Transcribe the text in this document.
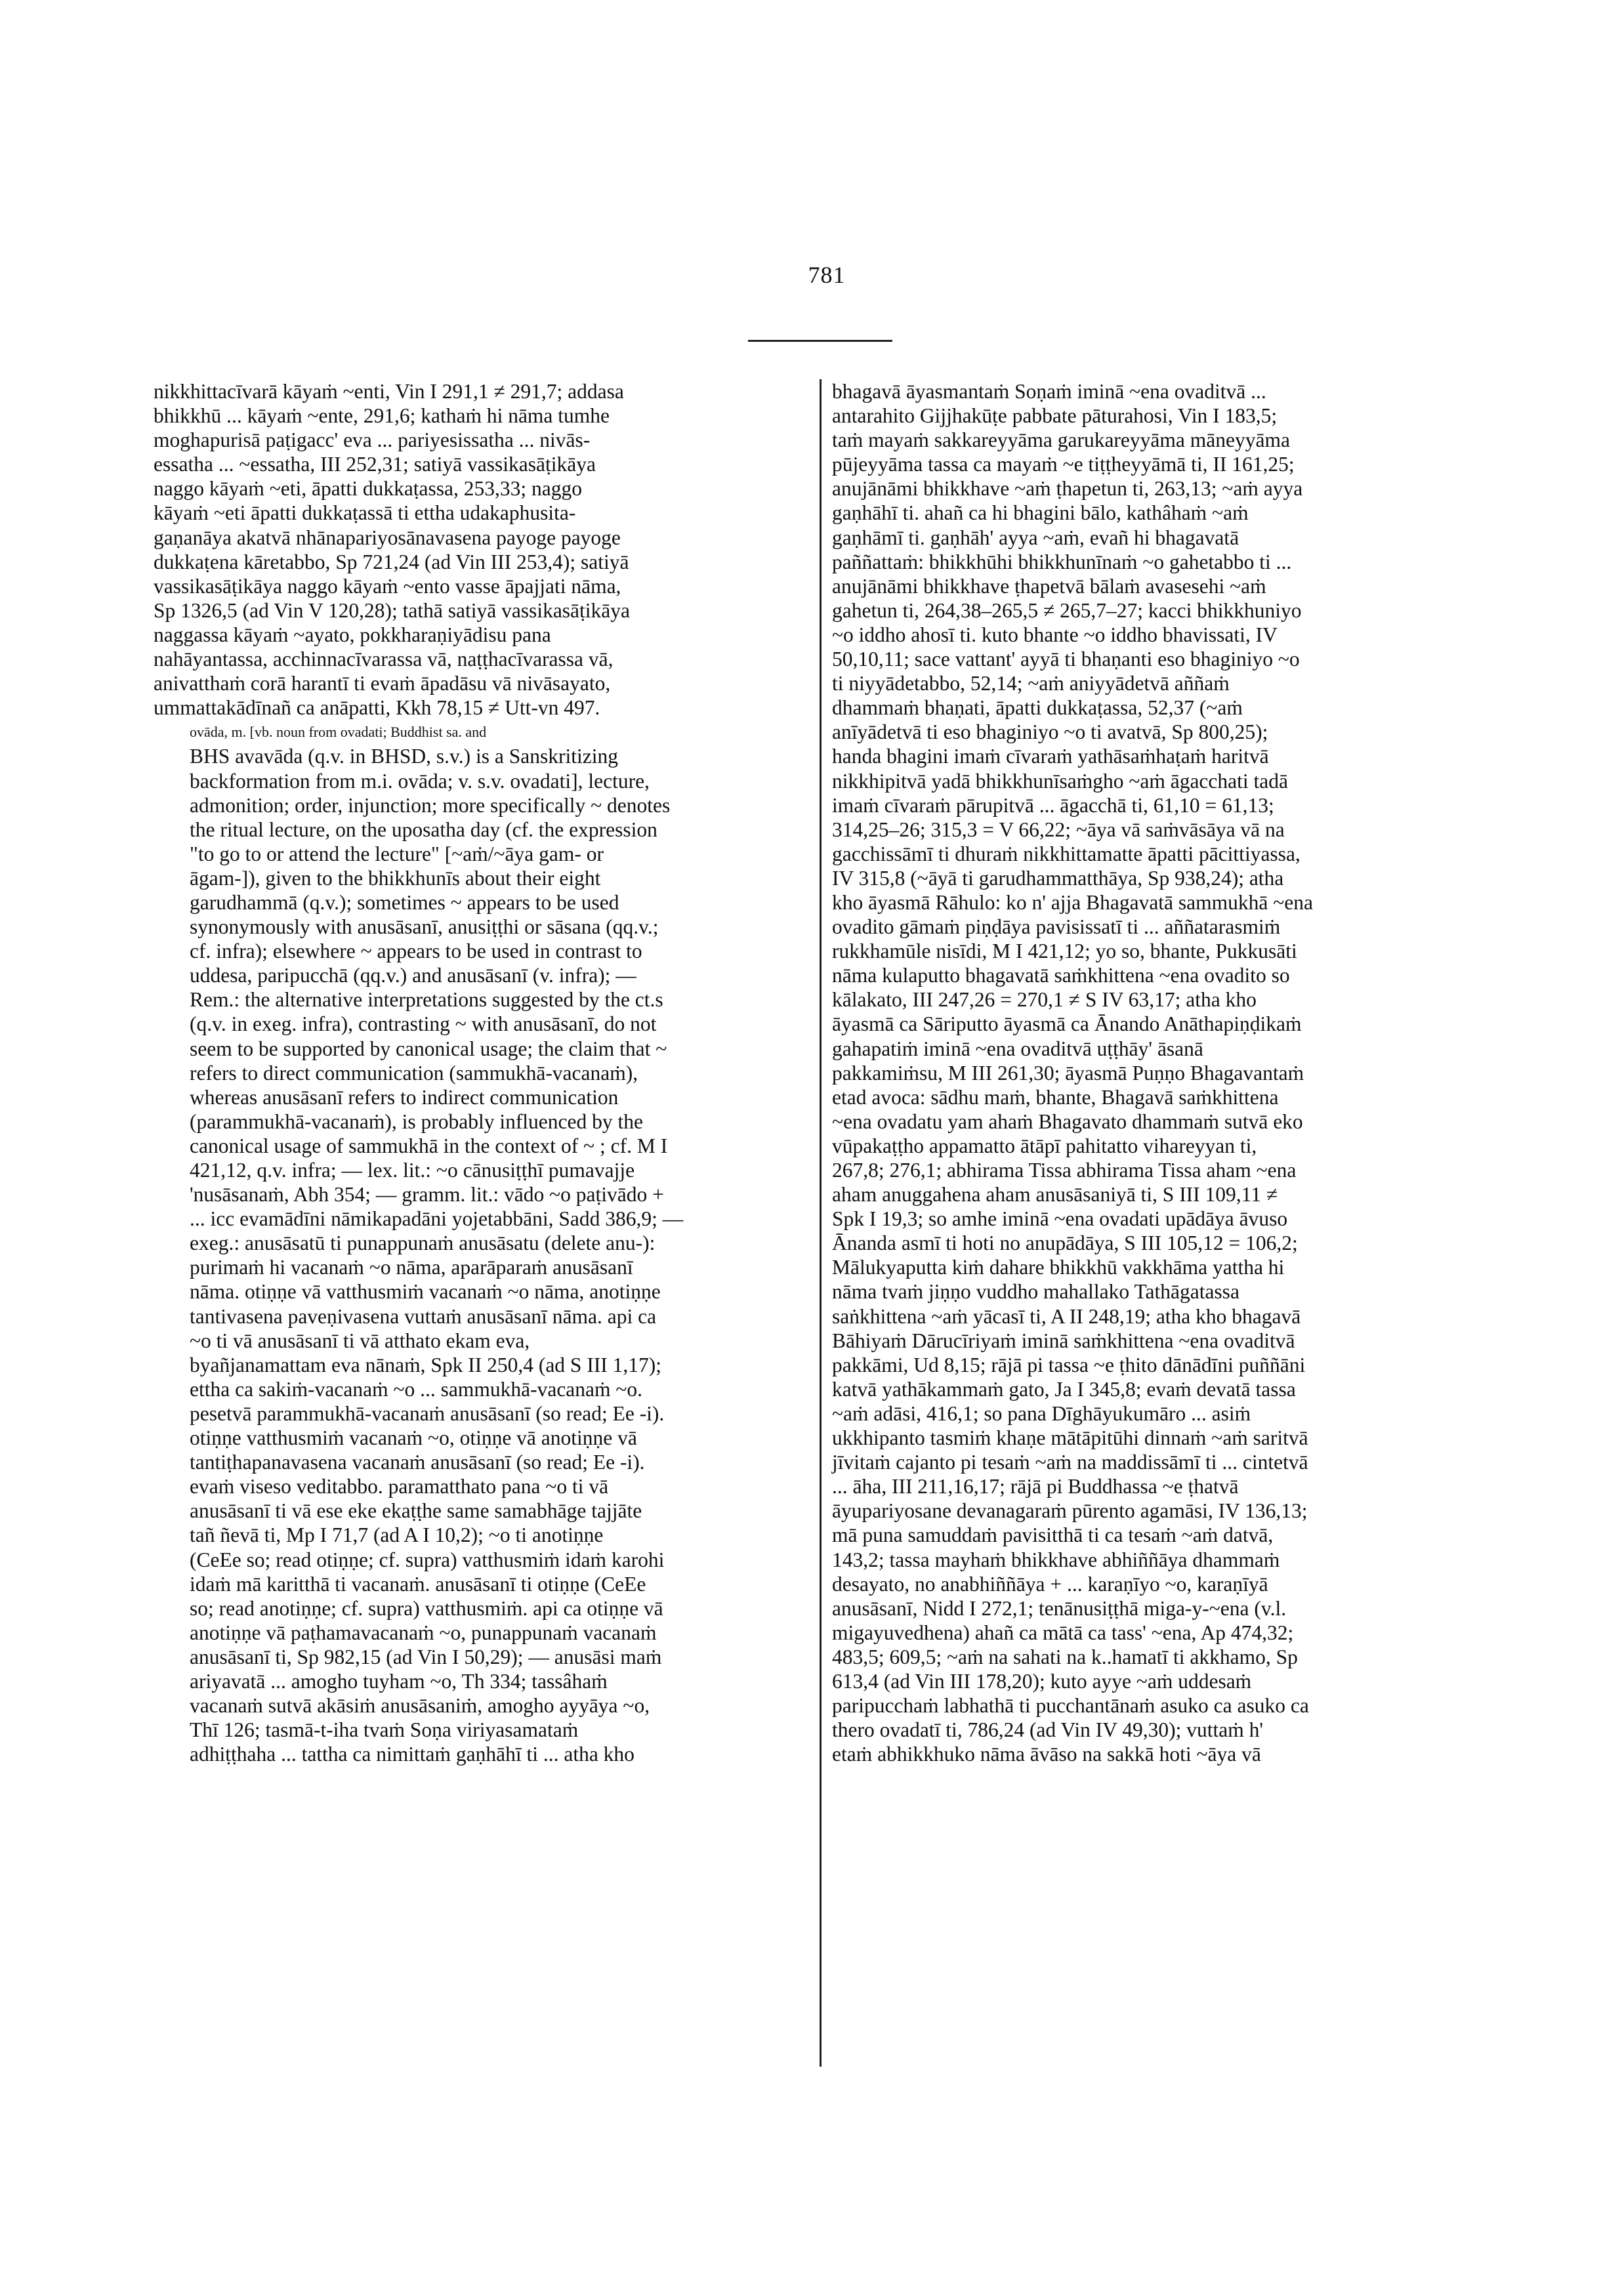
781
nikkhittacīvarā kāyaṁ ~enti, Vin I 291,1 ≠ 291,7; addasa
bhikkhū ... kāyaṁ ~ente, 291,6; kathaṁ hi nāma tumhe
moghapurisā paṭigacc' eva ... pariyesissatha ... nivās-
essatha ... ~essatha, III 252,31; satiyā vassikasāṭikāya
naggo kāyaṁ ~eti, āpatti dukkaṭassa, 253,33; naggo
kāyaṁ ~eti āpatti dukkaṭassā ti ettha udakaphusita-
gaṇanāya akatvā nhānapariyosānavasena payoge payoge
dukkaṭena kāretabbo, Sp 721,24 (ad Vin III 253,4); satiyā
vassikasāṭikāya naggo kāyaṁ ~ento vasse āpajjati nāma,
Sp 1326,5 (ad Vin V 120,28); tathā satiyā vassikasāṭikāya
naggassa kāyaṁ ~ayato, pokkharaṇiyādisu pana
nahāyantassa, acchinnacīvarassa vā, naṭṭhacīvarassa vā,
anivatthaṁ corā harantī ti evaṁ āpadāsu vā nivāsayato,
ummattakādīnañ ca anāpatti, Kkh 78,15 ≠ Utt-vn 497.
ovāda, m. [vb. noun from ovadati; Buddhist sa. and
BHS avavāda (q.v. in BHSD, s.v.) is a Sanskritizing
backformation from m.i. ovāda; v. s.v. ovadati], lecture,
admonition; order, injunction; more specifically ~ denotes
the ritual lecture, on the uposatha day (cf. the expression
"to go to or attend the lecture" [~aṁ/~āya gam- or
āgam-]), given to the bhikkhunīs about their eight
garudhammā (q.v.); sometimes ~ appears to be used
synonymously with anusāsanī, anusiṭṭhi or sāsana (qq.v.;
cf. infra); elsewhere ~ appears to be used in contrast to
uddesa, paripucchā (qq.v.) and anusāsanī (v. infra); —
Rem.: the alternative interpretations suggested by the ct.s
(q.v. in exeg. infra), contrasting ~ with anusāsanī, do not
seem to be supported by canonical usage; the claim that ~
refers to direct communication (sammukhā-vacanaṁ),
whereas anusāsanī refers to indirect communication
(parammukhā-vacanaṁ), is probably influenced by the
canonical usage of sammukhā in the context of ~ ; cf. M I
421,12, q.v. infra; — lex. lit.: ~o cānusiṭṭhī pumavajje
'nusāsanaṁ, Abh 354; — gramm. lit.: vādo ~o paṭivādo +
... icc evamādīni nāmikapadāni yojetabbāni, Sadd 386,9; —
exeg.: anusāsatū ti punappunaṁ anusāsatu (delete anu-):
purimaṁ hi vacanaṁ ~o nāma, aparāparaṁ anusāsanī
nāma. otiṇṇe vā vatthusmiṁ vacanaṁ ~o nāma, anotiṇṇe
tantivasena paveṇivasena vuttaṁ anusāsanī nāma. api ca
~o ti vā anusāsanī ti vā atthato ekam eva,
byañjanamattam eva nānaṁ, Spk II 250,4 (ad S III 1,17);
ettha ca sakiṁ-vacanaṁ ~o ... sammukhā-vacanaṁ ~o.
pesetvā parammukhā-vacanaṁ anusāsanī (so read; Ee -i).
otiṇṇe vatthusmiṁ vacanaṁ ~o, otiṇṇe vā anotiṇṇe vā
tantiṭhapanavasena vacanaṁ anusāsanī (so read; Ee -i).
evaṁ viseso veditabbo. paramatthato pana ~o ti vā
anusāsanī ti vā ese eke ekaṭṭhe same samabhāge tajjāte
tañ ñevā ti, Mp I 71,7 (ad A I 10,2); ~o ti anotiṇṇe
(CeEe so; read otiṇṇe; cf. supra) vatthusmiṁ idaṁ karohi
idaṁ mā karitthā ti vacanaṁ. anusāsanī ti otiṇṇe (CeEe
so; read anotiṇṇe; cf. supra) vatthusmiṁ. api ca otiṇṇe vā
anotiṇṇe vā paṭhamavacanaṁ ~o, punappunaṁ vacanaṁ
anusāsanī ti, Sp 982,15 (ad Vin I 50,29); — anusāsi maṁ
ariyavatā ... amogho tuyham ~o, Th 334; tassâhaṁ
vacanaṁ sutvā akāsiṁ anusāsaniṁ, amogho ayyāya ~o,
Thī 126; tasmā-t-iha tvaṁ Soṇa viriyasamataṁ
adhiṭṭhaha ... tattha ca nimittaṁ gaṇhāhī ti ... atha kho
bhagavā āyasmantaṁ Soṇaṁ iminā ~ena ovaditvā ...
antarahito Gijjhakūṭe pabbate pāturahosi, Vin I 183,5;
taṁ mayaṁ sakkareyyāma garukareyyāma māneyyāma
pūjeyyāma tassa ca mayaṁ ~e tiṭṭheyyāmā ti, II 161,25;
anujānāmi bhikkhave ~aṁ ṭhapetun ti, 263,13; ~aṁ ayya
gaṇhāhī ti. ahañ ca hi bhagini bālo, kathâhaṁ ~aṁ
gaṇhāmī ti. gaṇhāh' ayya ~aṁ, evañ hi bhagavatā
paññattaṁ: bhikkhūhi bhikkhunīnaṁ ~o gahetabbo ti ...
anujānāmi bhikkhave ṭhapetvā bālaṁ avasesehi ~aṁ
gahetun ti, 264,38–265,5 ≠ 265,7–27; kacci bhikkhuniyo
~o iddho ahosī ti. kuto bhante ~o iddho bhavissati, IV
50,10,11; sace vattant' ayyā ti bhaṇanti eso bhaginiyo ~o
ti niyyādetabbo, 52,14; ~aṁ aniyyādetvā aññaṁ
dhammaṁ bhaṇati, āpatti dukkaṭassa, 52,37 (~aṁ
anīyādetvā ti eso bhaginiyo ~o ti avatvā, Sp 800,25);
handa bhagini imaṁ cīvaraṁ yathāsaṁhaṭaṁ haritvā
nikkhipitvā yadā bhikkhunīsaṁgho ~aṁ āgacchati tadā
imaṁ cīvaraṁ pārupitvā ... āgacchā ti, 61,10 = 61,13;
314,25–26; 315,3 = V 66,22; ~āya vā saṁvāsāya vā na
gacchissāmī ti dhuraṁ nikkhittamatte āpatti pācittiyassa,
IV 315,8 (~āyā ti garudhammatthāya, Sp 938,24); atha
kho āyasmā Rāhulo: ko n' ajja Bhagavatā sammukhā ~ena
ovadito gāmaṁ piṇḍāya pavisissatī ti ... aññatarasmiṁ
rukkhamūle nisīdi, M I 421,12; yo so, bhante, Pukkusāti
nāma kulaputto bhagavatā saṁkhittena ~ena ovadito so
kālakato, III 247,26 = 270,1 ≠ S IV 63,17; atha kho
āyasmā ca Sāriputto āyasmā ca Ānando Anāthapiṇḍikaṁ
gahapatiṁ iminā ~ena ovaditvā uṭṭhāy' āsanā
pakkamiṁsu, M III 261,30; āyasmā Puṇṇo Bhagavantaṁ
etad avoca: sādhu maṁ, bhante, Bhagavā saṁkhittena
~ena ovadatu yam ahaṁ Bhagavato dhammaṁ sutvā eko
vūpakaṭṭho appamatto ātāpī pahitatto vihareyyan ti,
267,8; 276,1; abhirama Tissa abhirama Tissa aham ~ena
aham anuggahena aham anusāsaniyā ti, S III 109,11 ≠
Spk I 19,3; so amhe iminā ~ena ovadati upādāya āvuso
Ānanda asmī ti hoti no anupādāya, S III 105,12 = 106,2;
Mālukyaputta kiṁ dahare bhikkhū vakkhāma yattha hi
nāma tvaṁ jiṇṇo vuddho mahallako Tathāgatassa
saṅkhittena ~aṁ yācasī ti, A II 248,19; atha kho bhagavā
Bāhiyaṁ Dārucīriyaṁ iminā saṁkhittena ~ena ovaditvā
pakkāmi, Ud 8,15; rājā pi tassa ~e ṭhito dānādīni puññāni
katvā yathākammaṁ gato, Ja I 345,8; evaṁ devatā tassa
~aṁ adāsi, 416,1; so pana Dīghāyukumāro ... asiṁ
ukkhipanto tasmiṁ khaṇe mātāpitūhi dinnaṁ ~aṁ saritvā
jīvitaṁ cajanto pi tesaṁ ~aṁ na maddissāmī ti ... cintetvā
... āha, III 211,16,17; rājā pi Buddhassa ~e ṭhatvā
āyupariyosane devanagaraṁ pūrento agamāsi, IV 136,13;
mā puna samuddaṁ pavisitthā ti ca tesaṁ ~aṁ datvā,
143,2; tassa mayhaṁ bhikkhave abhiññāya dhammaṁ
desayato, no anabhiññāya + ... karaṇīyo ~o, karaṇīyā
anusāsanī, Nidd I 272,1; tenānusiṭṭhā miga-y-~ena (v.l.
migayuvedhena) ahañ ca mātā ca tass' ~ena, Ap 474,32;
483,5; 609,5; ~aṁ na sahati na k..hamatī ti akkhamo, Sp
613,4 (ad Vin III 178,20); kuto ayye ~aṁ uddesaṁ
paripucchaṁ labhathā ti pucchantānaṁ asuko ca asuko ca
thero ovadatī ti, 786,24 (ad Vin IV 49,30); vuttaṁ h'
etaṁ abhikkhuko nāma āvāso na sakkā hoti ~āya vā
